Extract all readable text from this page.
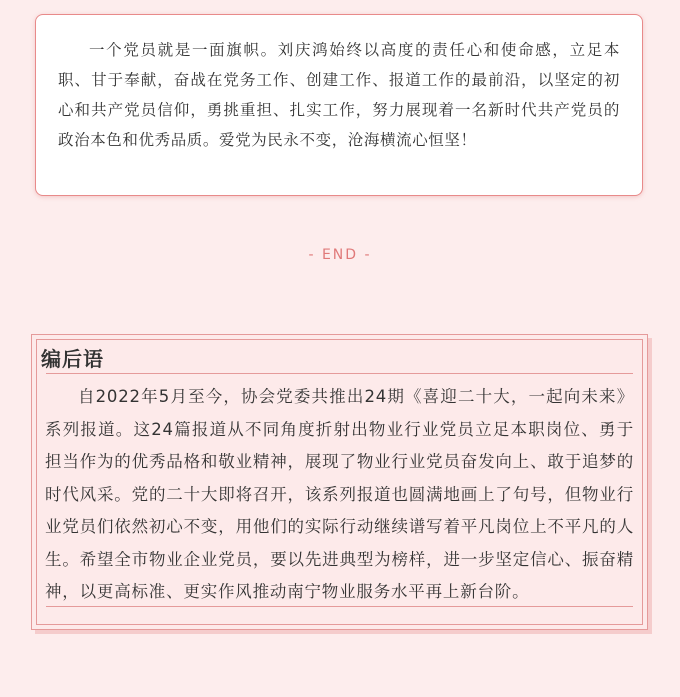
一个党员就是一面旗帜。刘庆鸿始终以高度的责任心和使命感，立足本职、甘于奉献，奋战在党务工作、创建工作、报道工作的最前沿，以坚定的初心和共产党员信仰，勇挑重担、扎实工作，努力展现着一名新时代共产党员的政治本色和优秀品质。爱党为民永不变，沧海横流心恒坚！

- END -
编后语

自2022年5月至今，协会党委共推出24期《喜迎二十大，一起向未来》系列报道。这24篇报道从不同角度折射出物业行业党员立足本职岗位、勇于担当作为的优秀品格和敬业精神，展现了物业行业党员奋发向上、敢于追梦的时代风采。党的二十大即将召开，该系列报道也圆满地画上了句号，但物业行业党员们依然初心不变，用他们的实际行动继续谱写着平凡岗位上不平凡的人生。希望全市物业企业党员，要以先进典型为榜样，进一步坚定信心、振奋精神，以更高标准、更实作风推动南宁物业服务水平再上新台阶。
